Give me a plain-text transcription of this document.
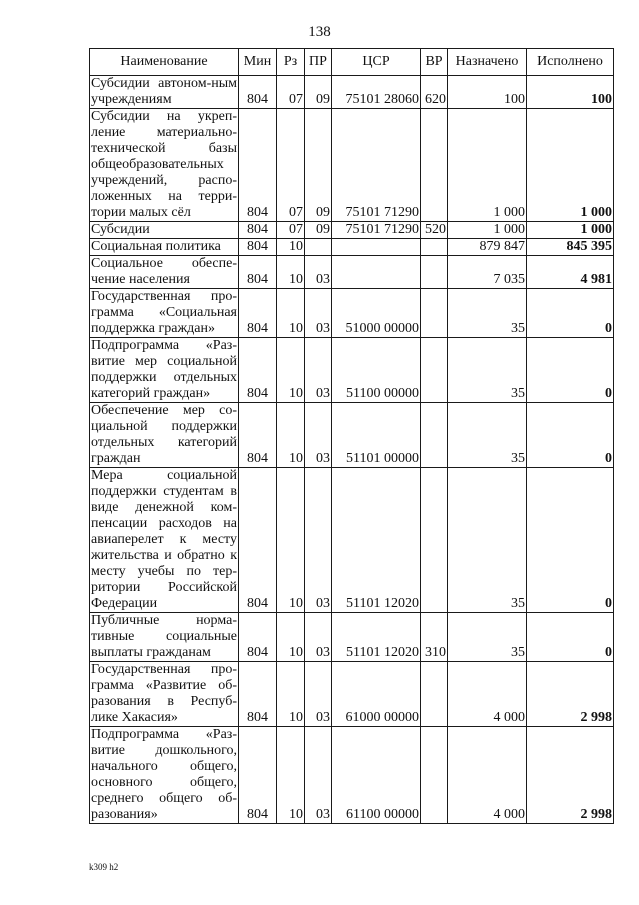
138
Наименование	Мин	Рз	ПР	ЦСР	ВР	Назначено	Исполнено
Субсидии автоном-ным учреждениям	804	07	09	75101 28060	620	100	100
Субсидии на укреп-ление материально-технической базы общеобразовательных учреждений, распо-ложенных на терри-тории малых сёл	804	07	09	75101 71290		1 000	1 000
Субсидии	804	07	09	75101 71290	520	1 000	1 000
Социальная политика	804	10				879 847	845 395
Социальное обеспе-чение населения	804	10	03			7 035	4 981
Государственная про-грамма «Социальная поддержка граждан»	804	10	03	51000 00000		35	0
Подпрограмма «Раз-витие мер социальной поддержки отдельных категорий граждан»	804	10	03	51100 00000		35	0
Обеспечение мер со-циальной поддержки отдельных категорий граждан	804	10	03	51101 00000		35	0
Мера социальной поддержки студентам в виде денежной ком-пенсации расходов на авиаперелет к месту жительства и обратно к месту учебы по тер-ритории Российской Федерации	804	10	03	51101 12020		35	0
Публичные норма-тивные социальные выплаты гражданам	804	10	03	51101 12020	310	35	0
Государственная про-грамма «Развитие об-разования в Респуб-лике Хакасия»	804	10	03	61000 00000		4 000	2 998
Подпрограмма «Раз-витие дошкольного, начального общего, основного общего, среднего общего об-разования»	804	10	03	61100 00000		4 000	2 998
k309 h2
